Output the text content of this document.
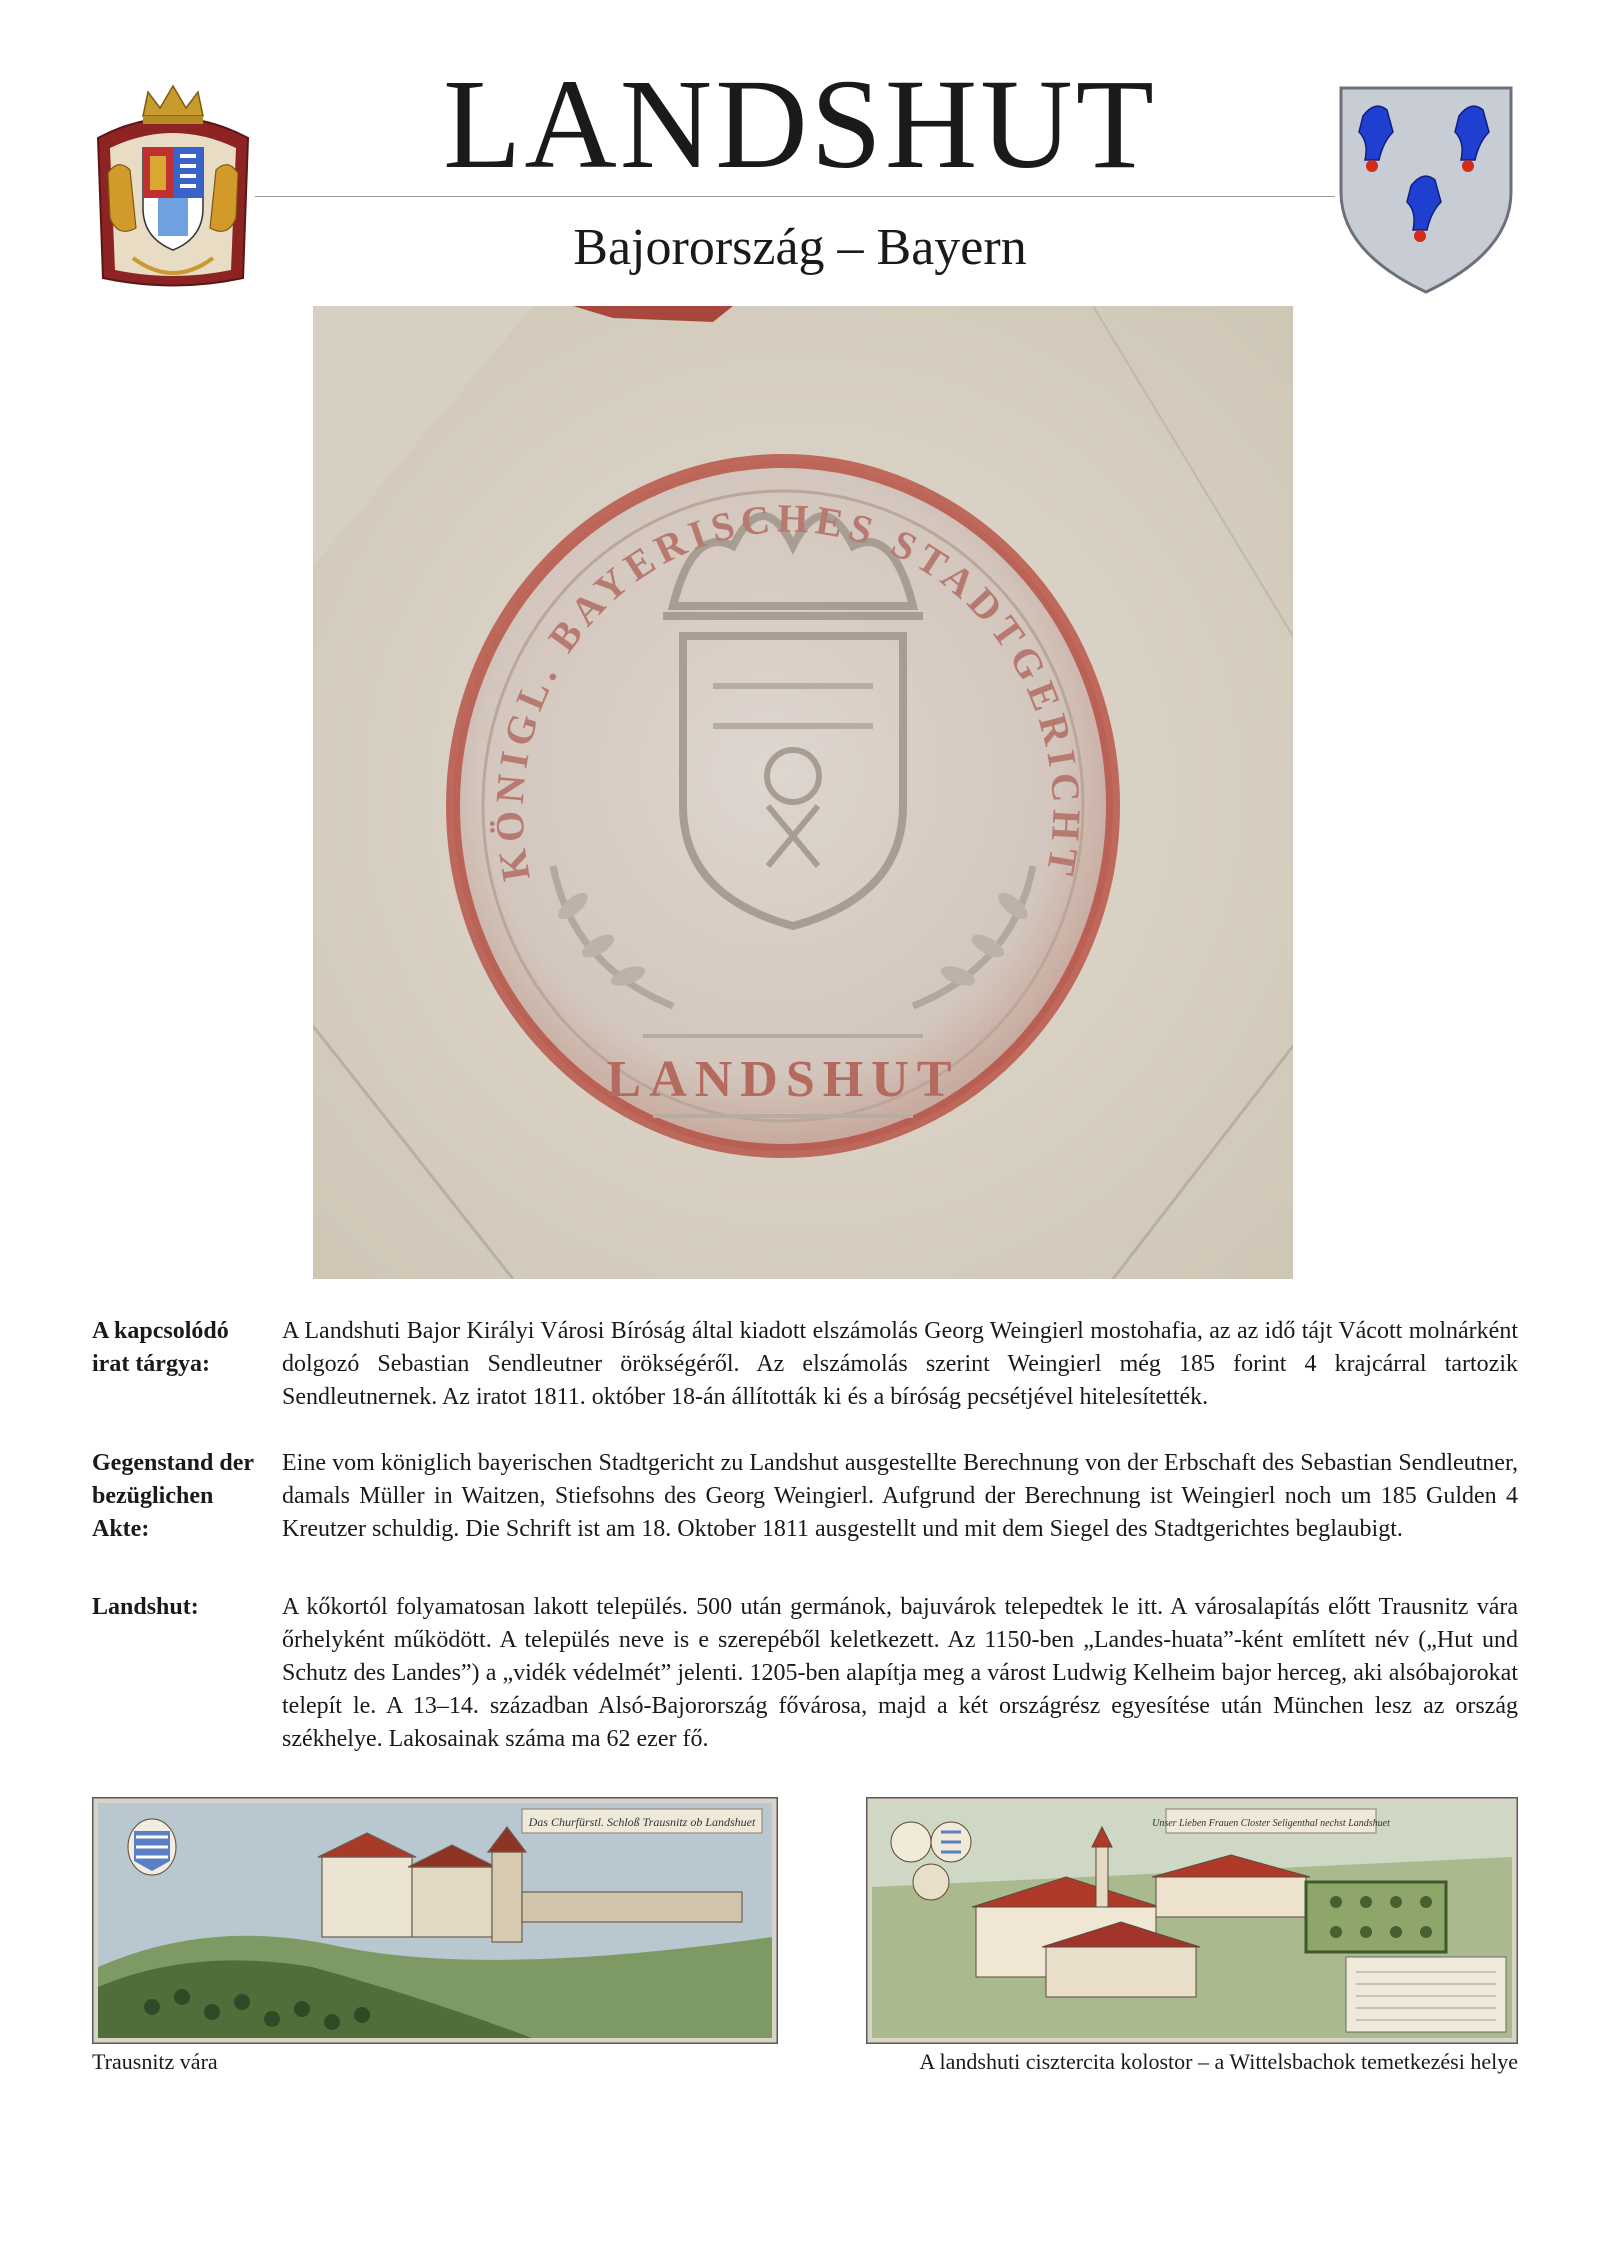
LANDSHUT
Bajorország – Bayern
KÖNIGL. BAYERISCHES STADTGERICHT
LANDSHUT
A kapcsolódó irat tárgya:
A Landshuti Bajor Királyi Városi Bíróság által kiadott elszámolás Georg Weingierl mostohafia, az az idő tájt Vácott molnárként dolgozó Sebastian Sendleutner örökségéről. Az elszámolás szerint Weingierl még 185 forint 4 krajcárral tartozik Sendleutnernek. Az iratot 1811. október 18-án állították ki és a bíróság pecsétjével hitelesítették.
Gegenstand der bezüglichen Akte:
Eine vom königlich bayerischen Stadtgericht zu Landshut ausgestellte Berechnung von der Erbschaft des Sebastian Sendleutner, damals Müller in Waitzen, Stiefsohns des Georg Weingierl. Aufgrund der Berechnung ist Weingierl noch um 185 Gulden 4 Kreutzer schuldig. Die Schrift ist am 18. Oktober 1811 ausgestellt und mit dem Siegel des Stadtgerichtes beglaubigt.
Landshut:	A kőkortól folyamatosan lakott település. 500 után germánok, bajuvárok telepedtek le itt. A városalapítás előtt Trausnitz vára őrhelyként működött. A település neve is e szerepéből keletkezett. Az 1150-ben „Landes-huata”-ként említett név („Hut und Schutz des Landes”) a „vidék védelmét” jelenti. 1205-ben alapítja meg a várost Ludwig Kelheim bajor herceg, aki alsóbajorokat telepít le. A 13–14. században Alsó-Bajorország fővárosa, majd a két országrész egyesítése után München lesz az ország székhelye. Lakosainak száma ma 62 ezer fő.
Das Churfürstl. Schloß Trausnitz ob Landshuet	Unser Lieben Frauen Closter Seligenthal nechst Landshuet
Trausnitz vára	A landshuti cisztercita kolostor – a Wittelsbachok temetkezési helye
